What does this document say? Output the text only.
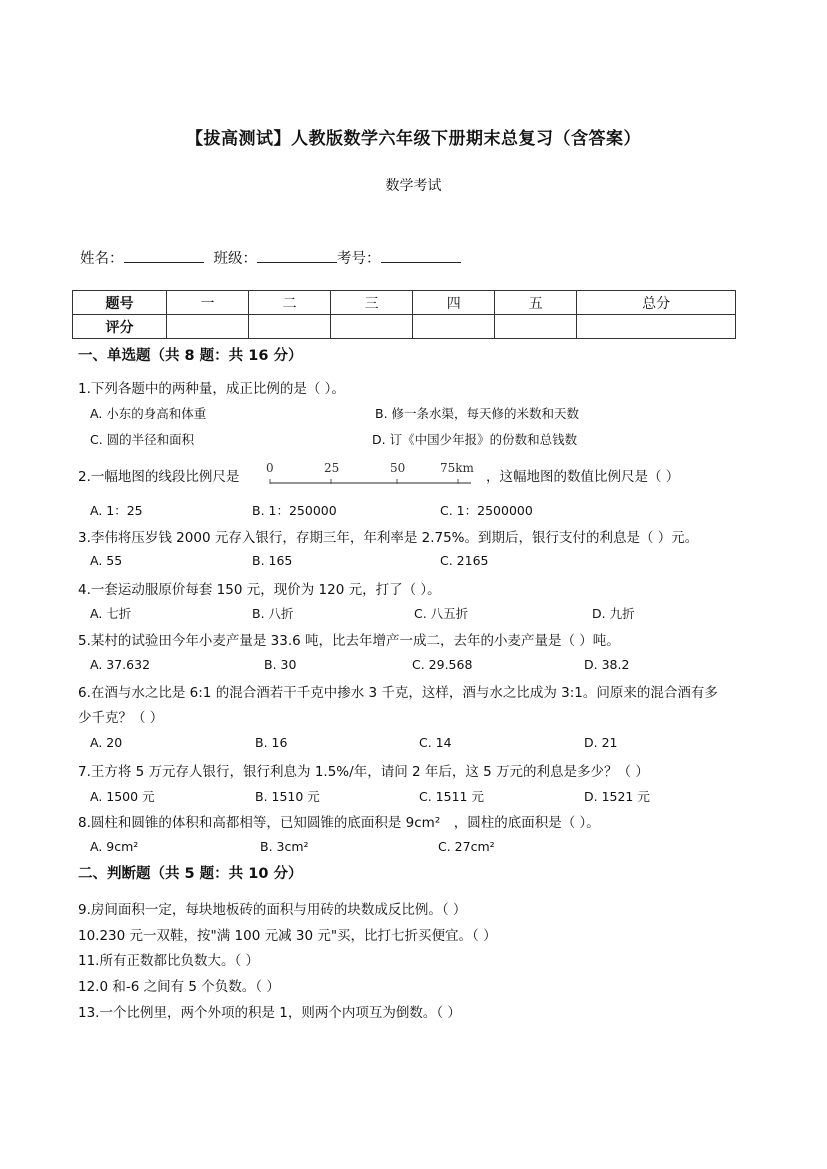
【拔高测试】人教版数学六年级下册期末总复习（含答案）
数学考试
姓名：	班级：	考号：
题号	一	二	三	四	五	总分
评分						
一、单选题（共 8 题：共 16 分）
1.下列各题中的两种量，成正比例的是（ ）。
A. 小东的身高和体重	B. 修一条水渠，每天修的米数和天数
C. 圆的半径和面积	D. 订《中国少年报》的份数和总钱数
2.一幅地图的线段比例尺是
0	25	50	75km
，这幅地图的数值比例尺是（ ）
A. 1：25	B. 1：250000	C. 1：2500000
3.李伟将压岁钱 2000 元存入银行，存期三年，年利率是 2.75%。到期后，银行支付的利息是（ ）元。
A. 55	B. 165	C. 2165
4.一套运动服原价每套 150 元，现价为 120 元，打了（ ）。
A. 七折	B. 八折	C. 八五折	D. 九折
5.某村的试验田今年小麦产量是 33.6 吨，比去年增产一成二，去年的小麦产量是（ ）吨。
A. 37.632	B. 30	C. 29.568	D. 38.2
6.在酒与水之比是 6:1 的混合酒若干千克中掺水 3 千克，这样，酒与水之比成为 3:1。问原来的混合酒有多
少千克？（ ）
A. 20	B. 16	C. 14	D. 21
7.王方将 5 万元存人银行，银行利息为 1.5%/年，请问 2 年后，这 5 万元的利息是多少？（ ）
A. 1500 元	B. 1510 元	C. 1511 元	D. 1521 元
8.圆柱和圆锥的体积和高都相等，已知圆锥的底面积是 9cm²　，圆柱的底面积是（ ）。
A. 9cm²	B. 3cm²	C. 27cm²
二、判断题（共 5 题：共 10 分）
9.房间面积一定，每块地板砖的面积与用砖的块数成反比例。（ ）
10.230 元一双鞋，按"满 100 元减 30 元"买，比打七折买便宜。（ ）
11.所有正数都比负数大。（ ）
12.0 和-6 之间有 5 个负数。（ ）
13.一个比例里，两个外项的积是 1，则两个内项互为倒数。（ ）
